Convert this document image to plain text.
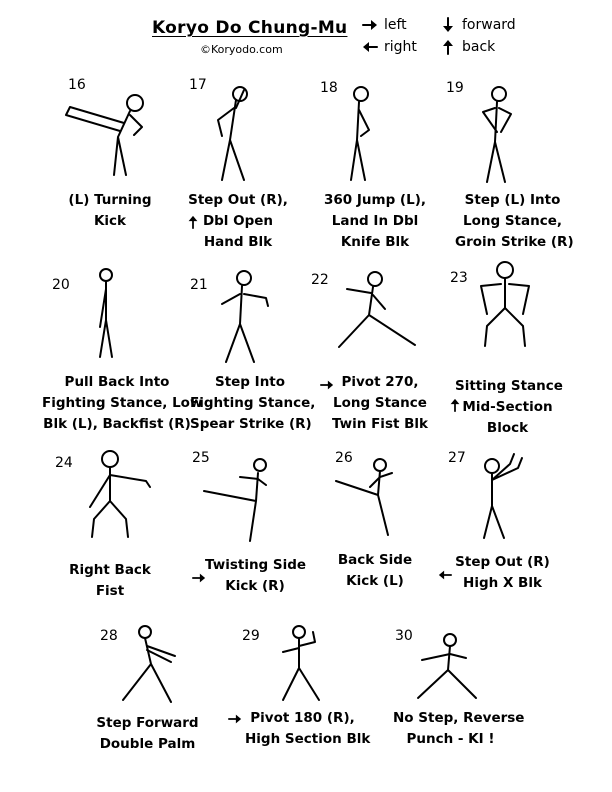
Koryo Do Chung-Mu
©Koryodo.com
left	forward
right	back
16
(L) Turning
Kick
17
Step Out (R),
Dbl Open
Hand Blk
18
360 Jump (L),
Land In Dbl
Knife Blk
19
Step (L) Into
Long Stance,
Groin Strike (R)
20
Pull Back Into
Fighting Stance, Low
Blk (L), Backfist (R)
21
Step Into
Fighting Stance,
Spear Strike (R)
22
Pivot 270,
Long Stance
Twin Fist Blk
23
Sitting Stance
Mid-Section
Block
24
Right Back
Fist
25
Twisting Side
Kick (R)
26
Back Side
Kick (L)
27
Step Out (R)
High X Blk
28
Step Forward
Double Palm
29
Pivot 180 (R),
High Section Blk
30
No Step, Reverse
Punch - KI !
